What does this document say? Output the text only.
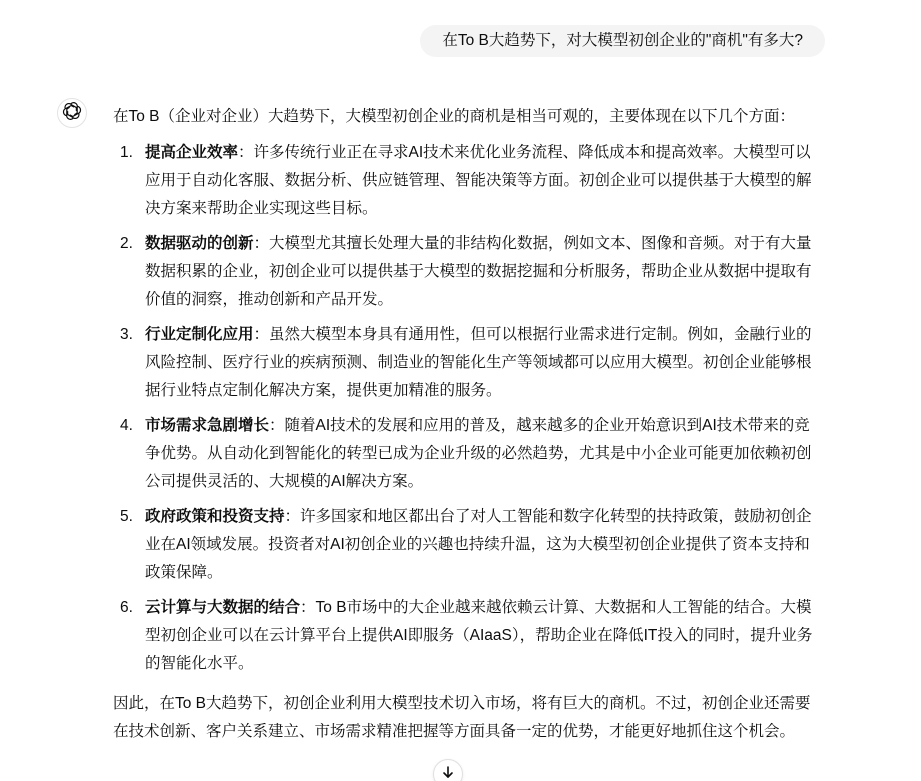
在To B大趋势下，对大模型初创企业的"商机"有多大?

在To B（企业对企业）大趋势下，大模型初创企业的商机是相当可观的，主要体现在以下几个方面：

1. 提高企业效率：许多传统行业正在寻求AI技术来优化业务流程、降低成本和提高效率。大模型可以应用于自动化客服、数据分析、供应链管理、智能决策等方面。初创企业可以提供基于大模型的解决方案来帮助企业实现这些目标。
2. 数据驱动的创新：大模型尤其擅长处理大量的非结构化数据，例如文本、图像和音频。对于有大量数据积累的企业，初创企业可以提供基于大模型的数据挖掘和分析服务，帮助企业从数据中提取有价值的洞察，推动创新和产品开发。
3. 行业定制化应用：虽然大模型本身具有通用性，但可以根据行业需求进行定制。例如，金融行业的风险控制、医疗行业的疾病预测、制造业的智能化生产等领域都可以应用大模型。初创企业能够根据行业特点定制化解决方案，提供更加精准的服务。
4. 市场需求急剧增长：随着AI技术的发展和应用的普及，越来越多的企业开始意识到AI技术带来的竞争优势。从自动化到智能化的转型已成为企业升级的必然趋势，尤其是中小企业可能更加依赖初创公司提供灵活的、大规模的AI解决方案。
5. 政府政策和投资支持：许多国家和地区都出台了对人工智能和数字化转型的扶持政策，鼓励初创企业在AI领域发展。投资者对AI初创企业的兴趣也持续升温，这为大模型初创企业提供了资本支持和政策保障。
6. 云计算与大数据的结合：To B市场中的大企业越来越依赖云计算、大数据和人工智能的结合。大模型初创企业可以在云计算平台上提供AI即服务（AIaaS），帮助企业在降低IT投入的同时，提升业务的智能化水平。

因此，在To B大趋势下，初创企业利用大模型技术切入市场，将有巨大的商机。不过，初创企业还需要在技术创新、客户关系建立、市场需求精准把握等方面具备一定的优势，才能更好地抓住这个机会。
